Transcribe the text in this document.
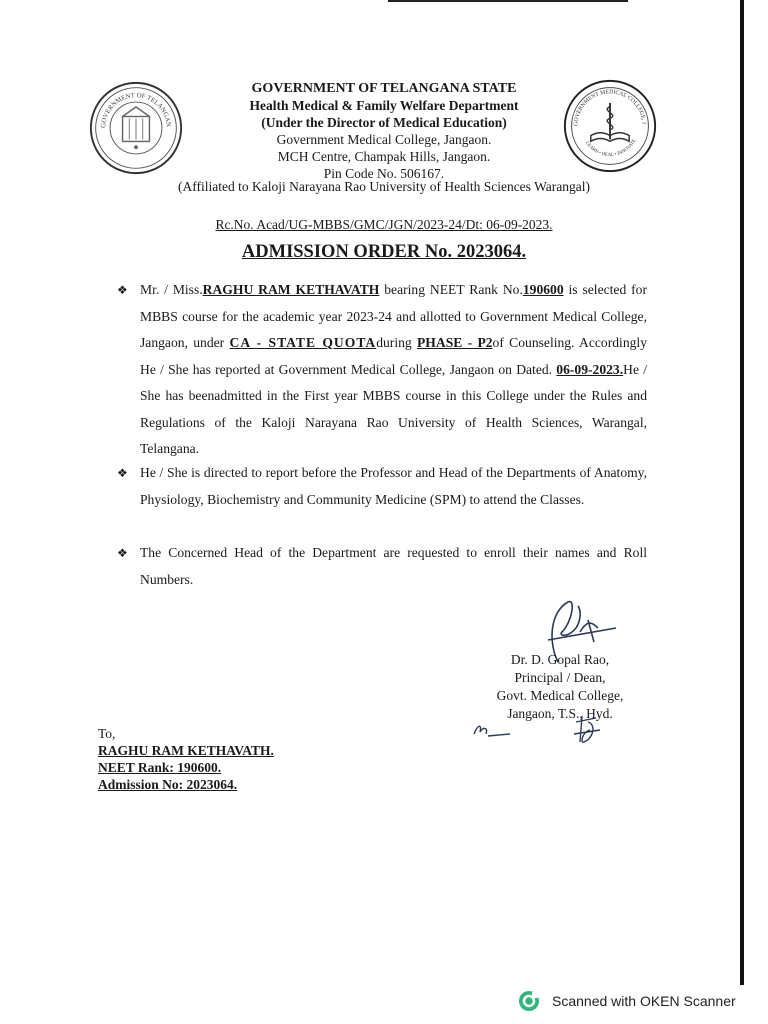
GOVERNMENT OF TELANGAN	GOVERNMENT MEDICAL COLLEGE, J
LEARN • HEAL • INNOVATE
GOVERNMENT OF TELANGANA STATE
Health Medical & Family Welfare Department
(Under the Director of Medical Education)
Government Medical College, Jangaon.
MCH Centre, Champak Hills, Jangaon.
Pin Code No. 506167.
(Affiliated to Kaloji Narayana Rao University of Health Sciences Warangal)
Rc.No. Acad/UG-MBBS/GMC/JGN/2023-24/Dt: 06-09-2023.
ADMISSION ORDER No. 2023064.
❖ Mr. / Miss.RAGHU RAM KETHAVATH bearing NEET Rank No.190600 is selected for MBBS course for the academic year 2023-24 and allotted to Government Medical College, Jangaon, under CA - STATE QUOTAduring PHASE - P2of Counseling. Accordingly He / She has reported at Government Medical College, Jangaon on Dated. 06-09-2023.He / She has beenadmitted in the First year MBBS course in this College under the Rules and Regulations of the Kaloji Narayana Rao University of Health Sciences, Warangal, Telangana.
❖ He / She is directed to report before the Professor and Head of the Departments of Anatomy, Physiology, Biochemistry and Community Medicine (SPM) to attend the Classes.
❖ The Concerned Head of the Department are requested to enroll their names and Roll Numbers.
Dr. D. Gopal Rao,
Principal / Dean,
Govt. Medical College,
Jangaon, T.S., Hyd.
To,
RAGHU RAM KETHAVATH.
NEET Rank: 190600.
Admission No: 2023064.
Scanned with OKEN Scanner
